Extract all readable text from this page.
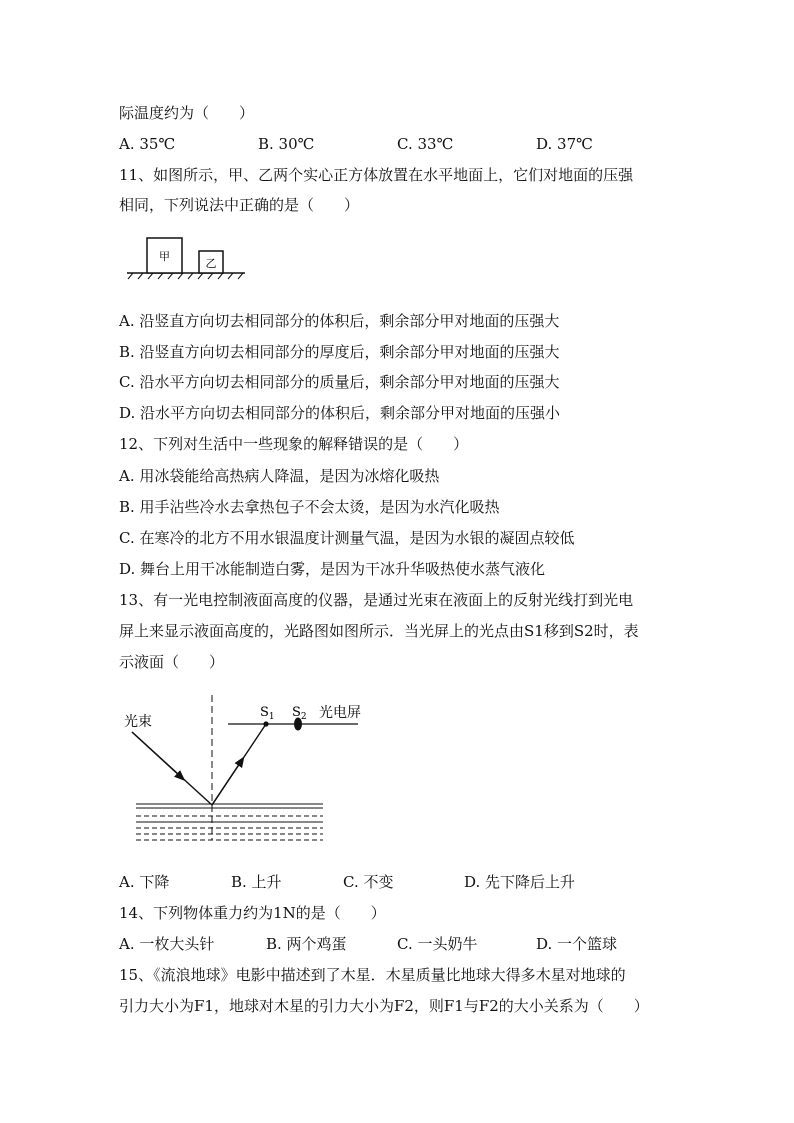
际温度约为（　　）
A. 35℃	B. 30℃	C. 33℃	D. 37℃
11、如图所示，甲、乙两个实心正方体放置在水平地面上，它们对地面的压强
相同，下列说法中正确的是（　　）
甲
乙
A. 沿竖直方向切去相同部分的体积后，剩余部分甲对地面的压强大
B. 沿竖直方向切去相同部分的厚度后，剩余部分甲对地面的压强大
C. 沿水平方向切去相同部分的质量后，剩余部分甲对地面的压强大
D. 沿水平方向切去相同部分的体积后，剩余部分甲对地面的压强小
12、下列对生活中一些现象的解释错误的是（　　）
A. 用冰袋能给高热病人降温，是因为冰熔化吸热
B. 用手沾些冷水去拿热包子不会太烫，是因为水汽化吸热
C. 在寒冷的北方不用水银温度计测量气温，是因为水银的凝固点较低
D. 舞台上用干冰能制造白雾，是因为干冰升华吸热使水蒸气液化
13、有一光电控制液面高度的仪器，是通过光束在液面上的反射光线打到光电
屏上来显示液面高度的，光路图如图所示．当光屏上的光点由S1移到S2时，表
示液面（　　）
光束
$S_1$ $S_2$ 光电屏
A. 下降	B. 上升	C. 不变	D. 先下降后上升
14、下列物体重力约为1N的是（　　）
A. 一枚大头针	B. 两个鸡蛋	C. 一头奶牛	D. 一个篮球
15、《流浪地球》电影中描述到了木星．木星质量比地球大得多木星对地球的
引力大小为F1，地球对木星的引力大小为F2，则F1与F2的大小关系为（　　）
